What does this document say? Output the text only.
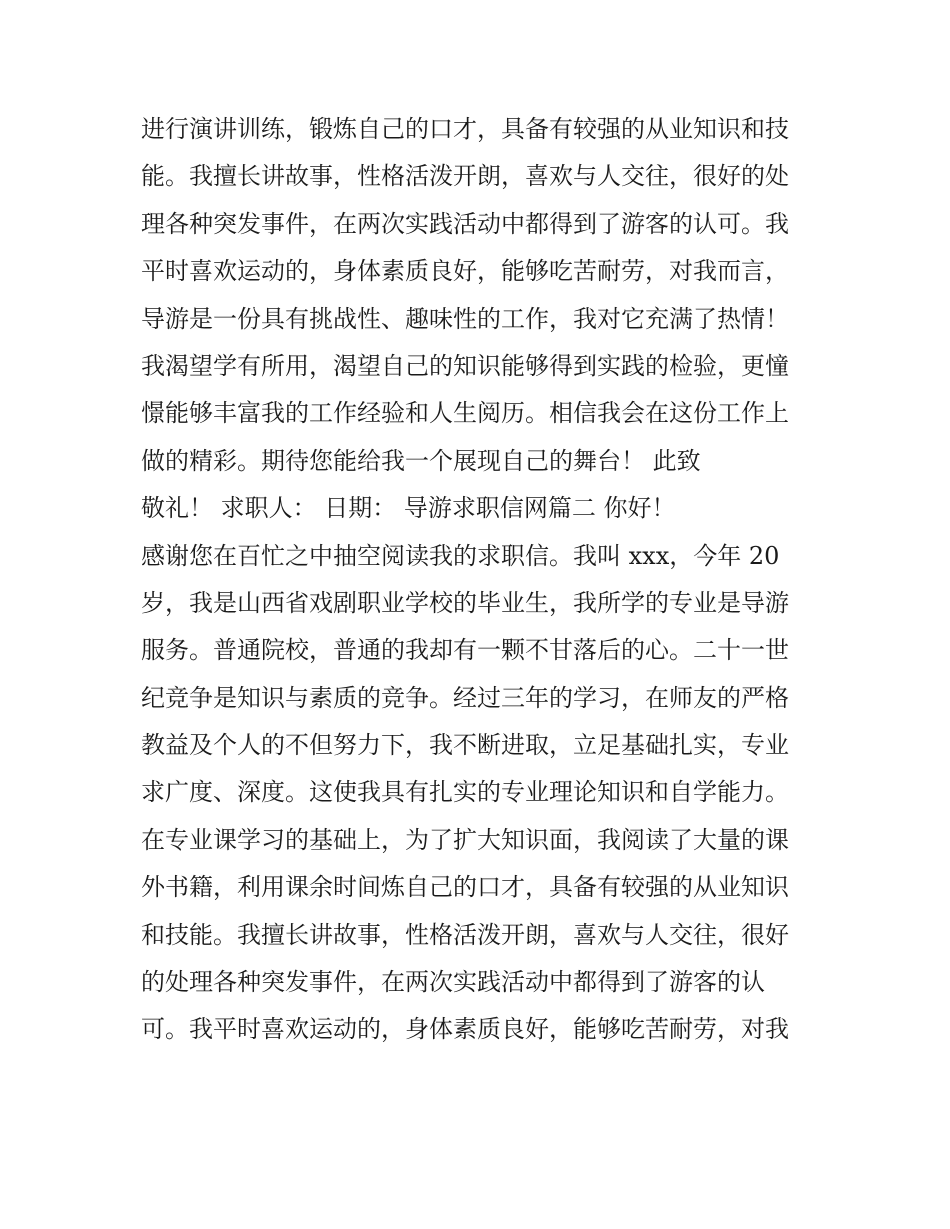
进行演讲训练，锻炼自己的口才，具备有较强的从业知识和技
能。我擅长讲故事，性格活泼开朗，喜欢与人交往，很好的处
理各种突发事件，在两次实践活动中都得到了游客的认可。我
平时喜欢运动的，身体素质良好，能够吃苦耐劳，对我而言，
导游是一份具有挑战性、趣味性的工作，我对它充满了热情！
我渴望学有所用，渴望自己的知识能够得到实践的检验，更憧
憬能够丰富我的工作经验和人生阅历。相信我会在这份工作上
做的精彩。期待您能给我一个展现自己的舞台！ 此致
敬礼！ 求职人： 日期： 导游求职信网篇二 你好！
感谢您在百忙之中抽空阅读我的求职信。我叫 xxx，今年 20
岁，我是山西省戏剧职业学校的毕业生，我所学的专业是导游
服务。普通院校，普通的我却有一颗不甘落后的心。二十一世
纪竞争是知识与素质的竞争。经过三年的学习，在师友的严格
教益及个人的不但努力下，我不断进取，立足基础扎实，专业
求广度、深度。这使我具有扎实的专业理论知识和自学能力。
在专业课学习的基础上，为了扩大知识面，我阅读了大量的课
外书籍，利用课余时间炼自己的口才，具备有较强的从业知识
和技能。我擅长讲故事，性格活泼开朗，喜欢与人交往，很好
的处理各种突发事件，在两次实践活动中都得到了游客的认
可。我平时喜欢运动的，身体素质良好，能够吃苦耐劳，对我
